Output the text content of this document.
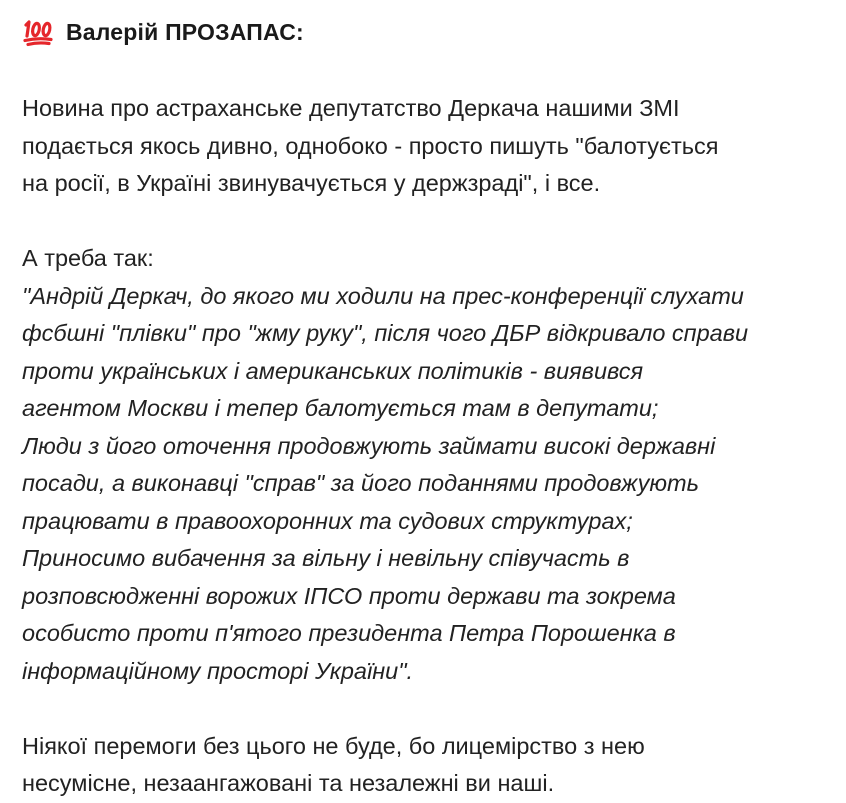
Валерій ПРОЗАПАС:

Новина про астраханське депутатство Деркача нашими ЗМІ
подається якось дивно, однобоко - просто пишуть "балотується
на росії, в Україні звинувачується у держзраді", і все.

А треба так:

"Андрій Деркач, до якого ми ходили на прес-конференції слухати
фсбшні "плівки" про "жму руку", після чого ДБР відкривало справи
проти українських і американських політиків - виявився
агентом Москви і тепер балотується там в депутати;
Люди з його оточення продовжують займати високі державні
посади, а виконавці "справ" за його поданнями продовжують
працювати в правоохоронних та судових структурах;
Приносимо вибачення за вільну і невільну співучасть в
розповсюдженні ворожих ІПСО проти держави та зокрема
особисто проти п'ятого президента Петра Порошенка в
інформаційному просторі України".

Ніякої перемоги без цього не буде, бо лицемірство з нею
несумісне, незаангажовані та незалежні ви наші.
